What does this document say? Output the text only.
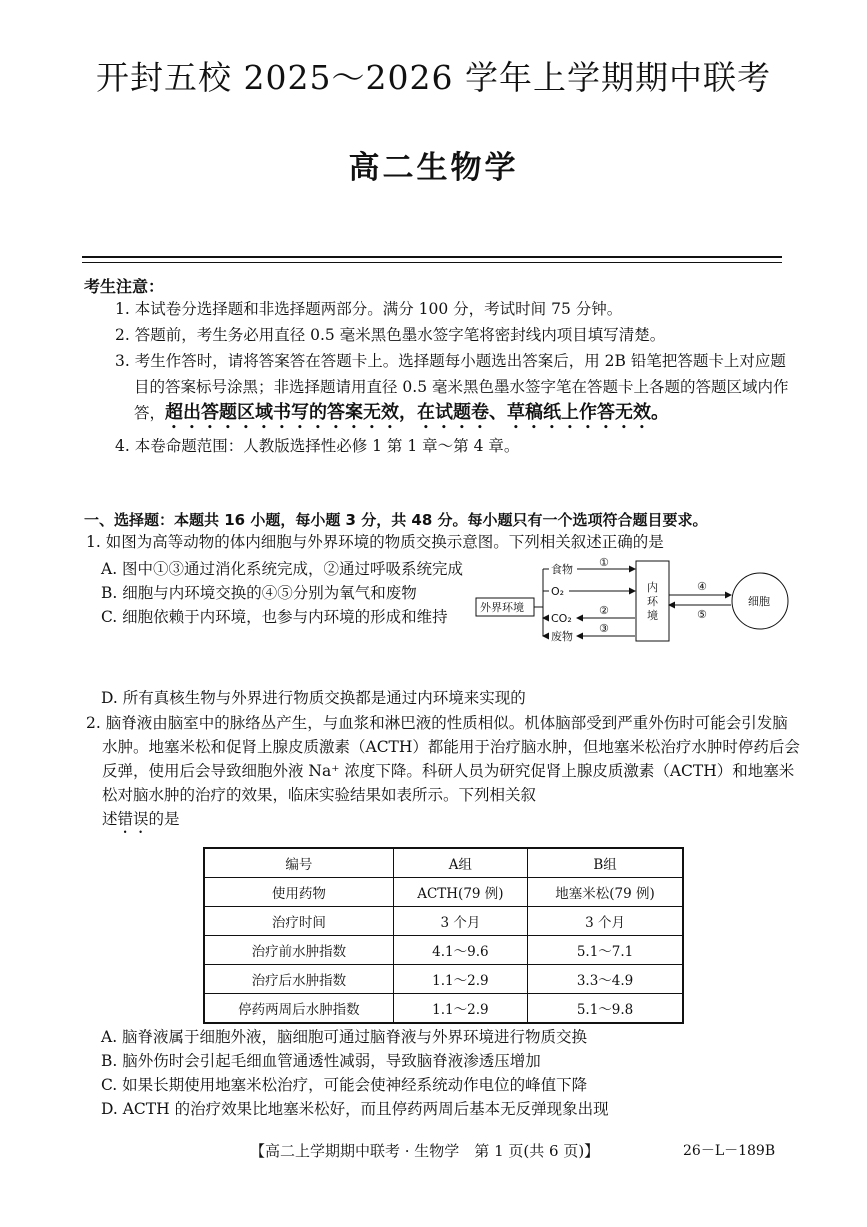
开封五校 2025～2026 学年上学期期中联考
高二生物学
考生注意：

1. 本试卷分选择题和非选择题两部分。满分 100 分，考试时间 75 分钟。

2. 答题前，考生务必用直径 0.5 毫米黑色墨水签字笔将密封线内项目填写清楚。

3. 考生作答时，请将答案答在答题卡上。选择题每小题选出答案后，用 2B 铅笔把答题卡上对应题目的答案标号涂黑；非选择题请用直径 0.5 毫米黑色墨水签字笔在答题卡上各题的答题区域内作答，超出答题区域书写的答案无效，在试题卷、草稿纸上作答无效。

4. 本卷命题范围：人教版选择性必修 1 第 1 章～第 4 章。

一、选择题：本题共 16 小题，每小题 3 分，共 48 分。每小题只有一个选项符合题目要求。
1. 如图为高等动物的体内细胞与外界环境的物质交换示意图。下列相关叙述正确的是

A. 图中①③通过消化系统完成，②通过呼吸系统完成

B. 细胞与内环境交换的④⑤分别为氧气和废物

C. 细胞依赖于内环境，也参与内环境的形成和维持

D. 所有真核生物与外界进行物质交换都是通过内环境来实现的
外界环境
食物
O₂
CO₂
废物
①
②
③
内
环
境
④
⑤
细胞

2. 脑脊液由脑室中的脉络丛产生，与血浆和淋巴液的性质相似。机体脑部受到严重外伤时可能会引发脑水肿。地塞米松和促肾上腺皮质激素（ACTH）都能用于治疗脑水肿，但地塞米松治疗水肿时停药后会反弹，使用后会导致细胞外液 Na⁺ 浓度下降。科研人员为研究促肾上腺皮质激素（ACTH）和地塞米松对脑水肿的治疗的效果，临床实验结果如表所示。下列相关叙
述错误的是

编号	A组	B组
使用药物	ACTH(79 例)	地塞米松(79 例)
治疗时间	3 个月	3 个月
治疗前水肿指数	4.1～9.6	5.1～7.1
治疗后水肿指数	1.1～2.9	3.3～4.9
停药两周后水肿指数	1.1～2.9	5.1～9.8

A. 脑脊液属于细胞外液，脑细胞可通过脑脊液与外界环境进行物质交换

B. 脑外伤时会引起毛细血管通透性减弱，导致脑脊液渗透压增加

C. 如果长期使用地塞米松治疗，可能会使神经系统动作电位的峰值下降

D. ACTH 的治疗效果比地塞米松好，而且停药两周后基本无反弹现象出现

【高二上学期期中联考 · 生物学　第 1 页(共 6 页)】	26－L－189B
